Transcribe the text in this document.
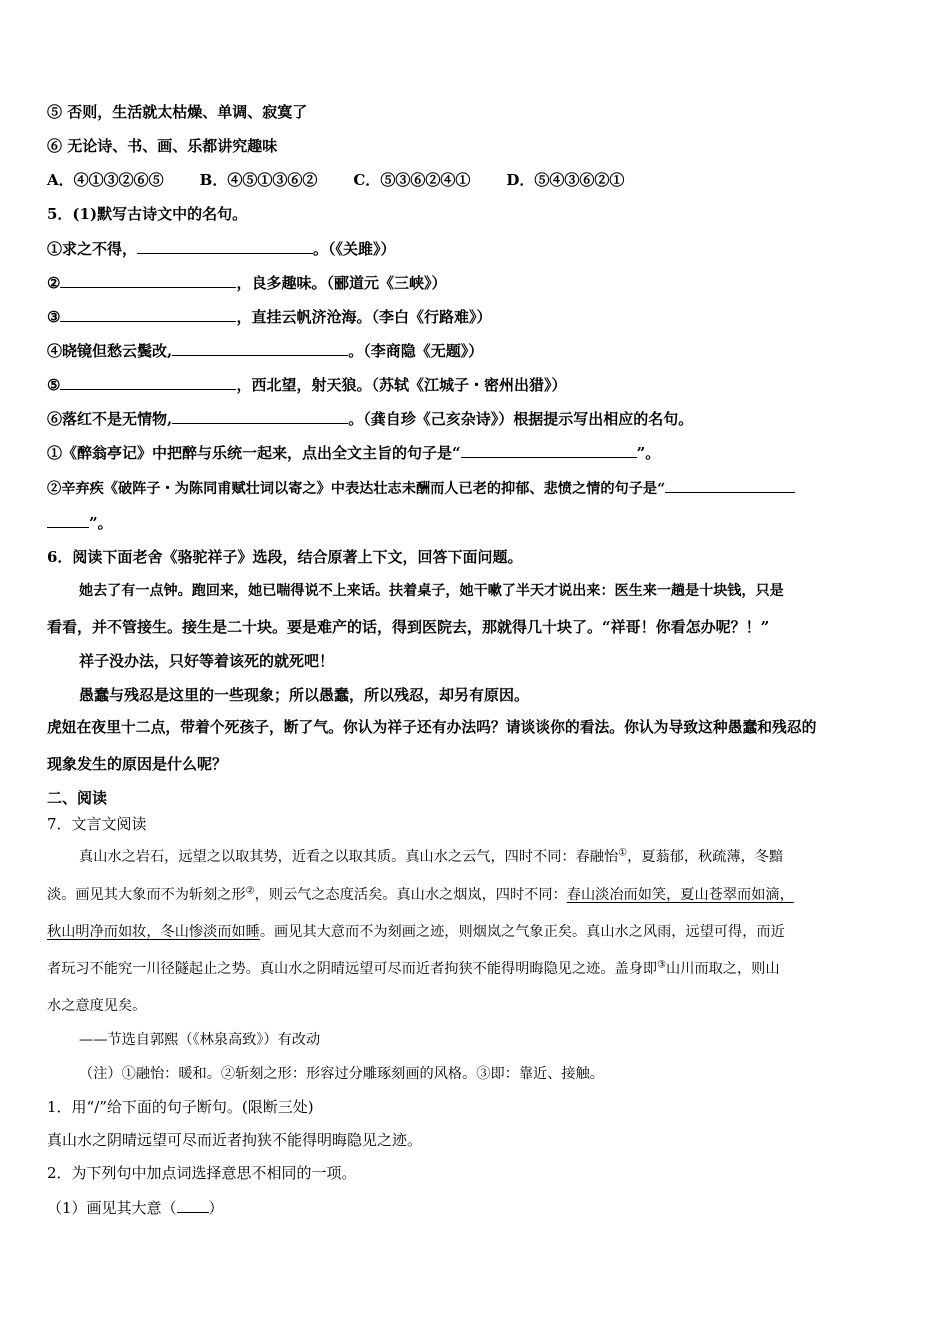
⑤ 否则，生活就太枯燥、单调、寂寞了
⑥ 无论诗、书、画、乐都讲究趣味
A．④①③②⑥⑤ B．④⑤①③⑥② C．⑤③⑥②④① D．⑤④③⑥②①
5．(1)默写古诗文中的名句。
①求之不得，	。（《关雎》）
②	，良多趣味。（郦道元《三峡》）
③	，直挂云帆济沧海。（李白《行路难》）
④晓镜但愁云鬓改,	。（李商隐《无题》）
⑤	，西北望，射天狼。（苏轼《江城子・密州出猎》）
⑥落红不是无情物,	。（龚自珍《己亥杂诗》）根据提示写出相应的名句。
①《醉翁亭记》中把醉与乐统一起来，点出全文主旨的句子是“	”。
②辛弃疾《破阵子・为陈同甫赋壮词以寄之》中表达壮志未酬而人已老的抑郁、悲愤之情的句子是“
”。
6．阅读下面老舍《骆驼祥子》选段，结合原著上下文，回答下面问题。
她去了有一点钟。跑回来，她已喘得说不上来话。扶着桌子，她干嗽了半天才说出来：医生来一趟是十块钱，只是
看看，并不管接生。接生是二十块。要是难产的话，得到医院去，那就得几十块了。“祥哥！你看怎办呢？！”
祥子没办法，只好等着该死的就死吧！
愚蠢与残忍是这里的一些现象；所以愚蠢，所以残忍，却另有原因。
虎妞在夜里十二点，带着个死孩子，断了气。你认为祥子还有办法吗？请谈谈你的看法。你认为导致这种愚蠢和残忍的
现象发生的原因是什么呢？
二、阅读
7．文言文阅读
真山水之岩石，远望之以取其势，近看之以取其质。真山水之云气，四时不同：春融怡①，夏蓊郁，秋疏薄，冬黯
淡。画见其大象而不为斩刻之形②，则云气之态度活矣。真山水之烟岚，四时不同：春山淡冶而如笑，夏山苍翠而如滴，
秋山明净而如妆，冬山惨淡而如睡。画见其大意而不为刻画之迹，则烟岚之气象正矣。真山水之风雨，远望可得，而近
者玩习不能究一川径隧起止之势。真山水之阴晴远望可尽而近者拘狭不能得明晦隐见之迹。盖身即③山川而取之，则山
水之意度见矣。
——节选自郭熙（《林泉高致》）有改动
（注）①融怡：暖和。②斩刻之形：形容过分雕琢刻画的风格。③即：靠近、接触。
1．用“/”给下面的句子断句。(限断三处)
真山水之阴晴远望可尽而近者拘狭不能得明晦隐见之迹。
2．为下列句中加点词选择意思不相同的一项。
（1）画见其大意（ ）
